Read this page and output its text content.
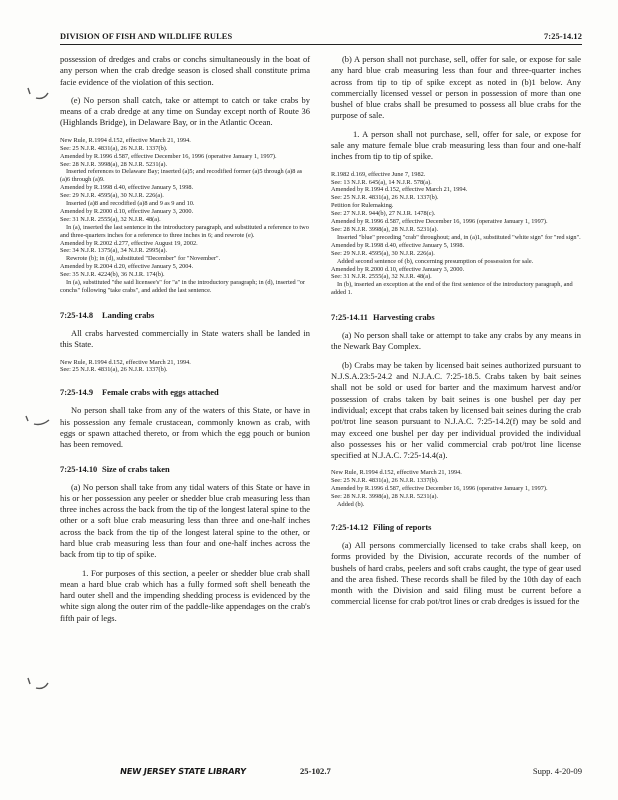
DIVISION OF FISH AND WILDLIFE RULES	7:25-14.12

possession of dredges and crabs or conchs simultaneously in the boat of any person when the crab dredge season is closed shall constitute prima facie evidence of the violation of this section.

(e) No person shall catch, take or attempt to catch or take crabs by means of a crab dredge at any time on Sunday except north of Route 36 (Highlands Bridge), in Delaware Bay, or in the Atlantic Ocean.

New Rule, R.1994 d.152, effective March 21, 1994.

See: 25 N.J.R. 4831(a), 26 N.J.R. 1337(b).

Amended by R.1996 d.587, effective December 16, 1996 (operative January 1, 1997).

See: 28 N.J.R. 3998(a), 28 N.J.R. 5231(a).

Inserted references to Delaware Bay; inserted (a)5; and recodified former (a)5 through (a)8 as (a)6 through (a)9.

Amended by R.1998 d.40, effective January 5, 1998.

See: 29 N.J.R. 4595(a), 30 N.J.R. 226(a).

Inserted (a)8 and recodified (a)8 and 9 as 9 and 10.

Amended by R.2000 d.10, effective January 3, 2000.

See: 31 N.J.R. 2555(a), 32 N.J.R. 48(a).

In (a), inserted the last sentence in the introductory paragraph, and substituted a reference to two and three-quarters inches for a reference to three inches in 6; and rewrote (e).

Amended by R.2002 d.277, effective August 19, 2002.

See: 34 N.J.R. 1375(a), 34 N.J.R. 2995(a).

Rewrote (b); in (d), substituted "December" for "November".

Amended by R.2004 d.20, effective January 5, 2004.

See: 35 N.J.R. 4224(b), 36 N.J.R. 174(b).

In (a), substituted "the said licensee's" for "a" in the introductory paragraph; in (d), inserted "or conchs" following "take crabs", and added the last sentence.

7:25-14.8 Landing crabs

All crabs harvested commercially in State waters shall be landed in this State.

New Rule, R.1994 d.152, effective March 21, 1994.

See: 25 N.J.R. 4831(a), 26 N.J.R. 1337(b).

7:25-14.9 Female crabs with eggs attached

No person shall take from any of the waters of this State, or have in his possession any female crustacean, commonly known as crab, with eggs or spawn attached thereto, or from which the egg pouch or bunion has been removed.

7:25-14.10 Size of crabs taken

(a) No person shall take from any tidal waters of this State or have in his or her possession any peeler or shedder blue crab measuring less than three inches across the back from the tip of the longest lateral spine to the other or a soft blue crab measuring less than three and one-half inches across the back from the tip of the longest lateral spine to the other, or hard blue crab measuring less than four and one-half inches across the back from tip to tip of spike.

1. For purposes of this section, a peeler or shedder blue crab shall mean a hard blue crab which has a fully formed soft shell beneath the hard outer shell and the impending shedding process is evidenced by the white sign along the outer rim of the paddle-like appendages on the crab's fifth pair of legs.

(b) A person shall not purchase, sell, offer for sale, or expose for sale any hard blue crab measuring less than four and three-quarter inches across from tip to tip of spike except as noted in (b)1 below. Any commercially licensed vessel or person in possession of more than one bushel of blue crabs shall be presumed to possess all blue crabs for the purpose of sale.

1. A person shall not purchase, sell, offer for sale, or expose for sale any mature female blue crab measuring less than four and one-half inches from tip to tip of spike.

R.1982 d.169, effective June 7, 1982.

See: 13 N.J.R. 645(a), 14 N.J.R. 578(a).

Amended by R.1994 d.152, effective March 21, 1994.

See: 25 N.J.R. 4831(a), 26 N.J.R. 1337(b).

Petition for Rulemaking.

See: 27 N.J.R. 944(b), 27 N.J.R. 1478(c).

Amended by R.1996 d.587, effective December 16, 1996 (operative January 1, 1997).

See: 28 N.J.R. 3998(a), 28 N.J.R. 5231(a).

Inserted "blue" preceding "crab" throughout; and, in (a)1, substituted "white sign" for "red sign".

Amended by R.1998 d.40, effective January 5, 1998.

See: 29 N.J.R. 4595(a), 30 N.J.R. 226(a).

Added second sentence of (b), concerning presumption of possession for sale.

Amended by R.2000 d.10, effective January 3, 2000.

See: 31 N.J.R. 2555(a), 32 N.J.R. 48(a).

In (b), inserted an exception at the end of the first sentence of the introductory paragraph, and added 1.

7:25-14.11 Harvesting crabs

(a) No person shall take or attempt to take any crabs by any means in the Newark Bay Complex.

(b) Crabs may be taken by licensed bait seines authorized pursuant to N.J.S.A.23:5-24.2 and N.J.A.C. 7:25-18.5. Crabs taken by bait seines shall not be sold or used for barter and the maximum harvest and/or possession of crabs taken by bait seines is one bushel per day per individual; except that crabs taken by licensed bait seines during the crab pot/trot line season pursuant to N.J.A.C. 7:25-14.2(f) may be sold and may exceed one bushel per day per individual provided the individual also possesses his or her valid commercial crab pot/trot line license specified at N.J.A.C. 7:25-14.4(a).

New Rule, R.1994 d.152, effective March 21, 1994.

See: 25 N.J.R. 4831(a), 26 N.J.R. 1337(b).

Amended by R.1996 d.587, effective December 16, 1996 (operative January 1, 1997).

See: 28 N.J.R. 3998(a), 28 N.J.R. 5231(a).

Added (b).

7:25-14.12 Filing of reports

(a) All persons commercially licensed to take crabs shall keep, on forms provided by the Division, accurate records of the number of bushels of hard crabs, peelers and soft crabs caught, the type of gear used and the area fished. These records shall be filed by the 10th day of each month with the Division and said filing must be current before a commercial license for crab pot/trot lines or crab dredges is issued for the

NEW JERSEY STATE LIBRARY	25-102.7	Supp. 4-20-09
